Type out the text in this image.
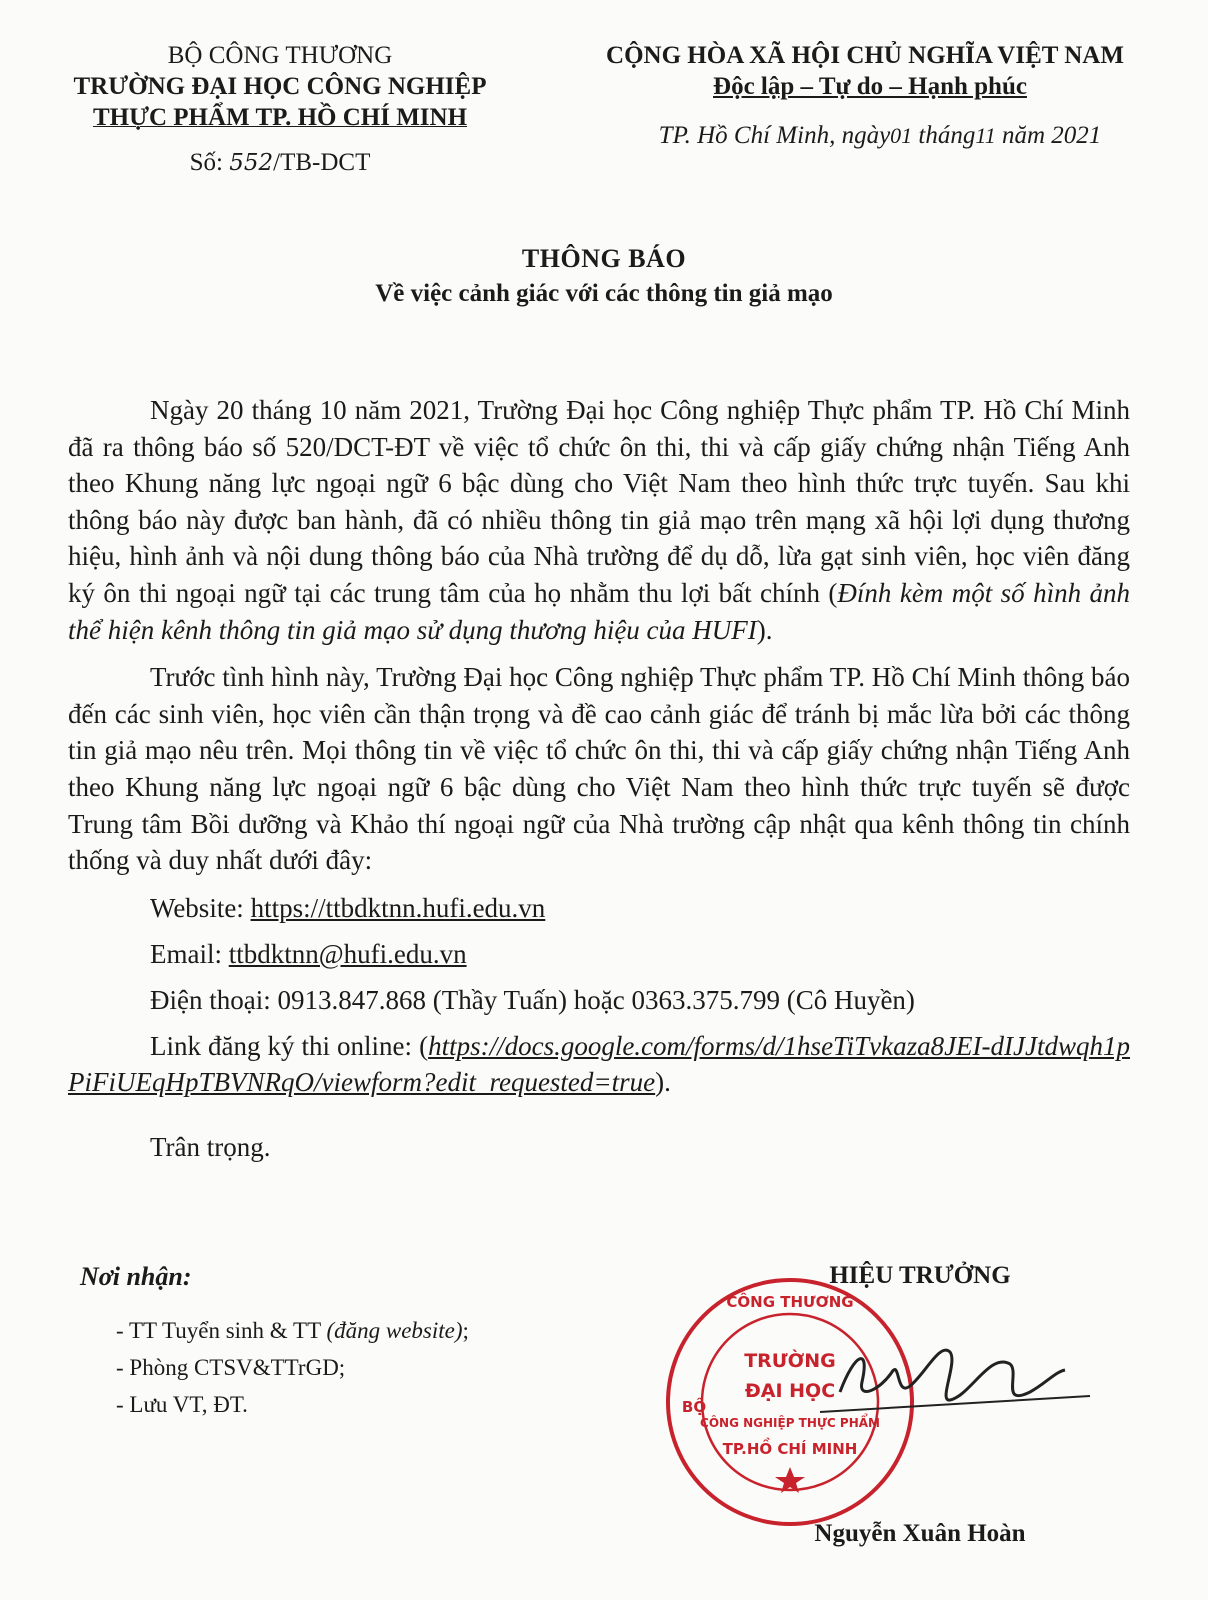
BỘ CÔNG THƯƠNG
TRƯỜNG ĐẠI HỌC CÔNG NGHIỆP
THỰC PHẨM TP. HỒ CHÍ MINH
Số: 552/TB-DCT
CỘNG HÒA XÃ HỘI CHỦ NGHĨA VIỆT NAM
Độc lập – Tự do – Hạnh phúc
TP. Hồ Chí Minh, ngày01 tháng11 năm 2021
THÔNG BÁO
Về việc cảnh giác với các thông tin giả mạo

Ngày 20 tháng 10 năm 2021, Trường Đại học Công nghiệp Thực phẩm TP. Hồ Chí Minh đã ra thông báo số 520/DCT-ĐT về việc tổ chức ôn thi, thi và cấp giấy chứng nhận Tiếng Anh theo Khung năng lực ngoại ngữ 6 bậc dùng cho Việt Nam theo hình thức trực tuyến. Sau khi thông báo này được ban hành, đã có nhiều thông tin giả mạo trên mạng xã hội lợi dụng thương hiệu, hình ảnh và nội dung thông báo của Nhà trường để dụ dỗ, lừa gạt sinh viên, học viên đăng ký ôn thi ngoại ngữ tại các trung tâm của họ nhằm thu lợi bất chính (Đính kèm một số hình ảnh thể hiện kênh thông tin giả mạo sử dụng thương hiệu của HUFI).

Trước tình hình này, Trường Đại học Công nghiệp Thực phẩm TP. Hồ Chí Minh thông báo đến các sinh viên, học viên cần thận trọng và đề cao cảnh giác để tránh bị mắc lừa bởi các thông tin giả mạo nêu trên. Mọi thông tin về việc tổ chức ôn thi, thi và cấp giấy chứng nhận Tiếng Anh theo Khung năng lực ngoại ngữ 6 bậc dùng cho Việt Nam theo hình thức trực tuyến sẽ được Trung tâm Bồi dưỡng và Khảo thí ngoại ngữ của Nhà trường cập nhật qua kênh thông tin chính thống và duy nhất dưới đây:

Website: https://ttbdktnn.hufi.edu.vn
Email: ttbdktnn@hufi.edu.vn
Điện thoại: 0913.847.868 (Thầy Tuấn) hoặc 0363.375.799 (Cô Huyền)

Link đăng ký thi online: (https://docs.google.com/forms/d/1hseTiTvkaza8JEI-dIJJtdwqh1pPiFiUEqHpTBVNRqO/viewform?edit_requested=true).

Trân trọng.
Nơi nhận:
- TT Tuyển sinh & TT (đăng website);
- Phòng CTSV&TTrGD;
- Lưu VT, ĐT.
TRƯỜNG
ĐẠI HỌC
CÔNG NGHIỆP THỰC PHẨM
TP.HỒ CHÍ MINH
CÔNG THƯƠNG
BỘ
HIỆU TRƯỞNG
Nguyễn Xuân Hoàn
